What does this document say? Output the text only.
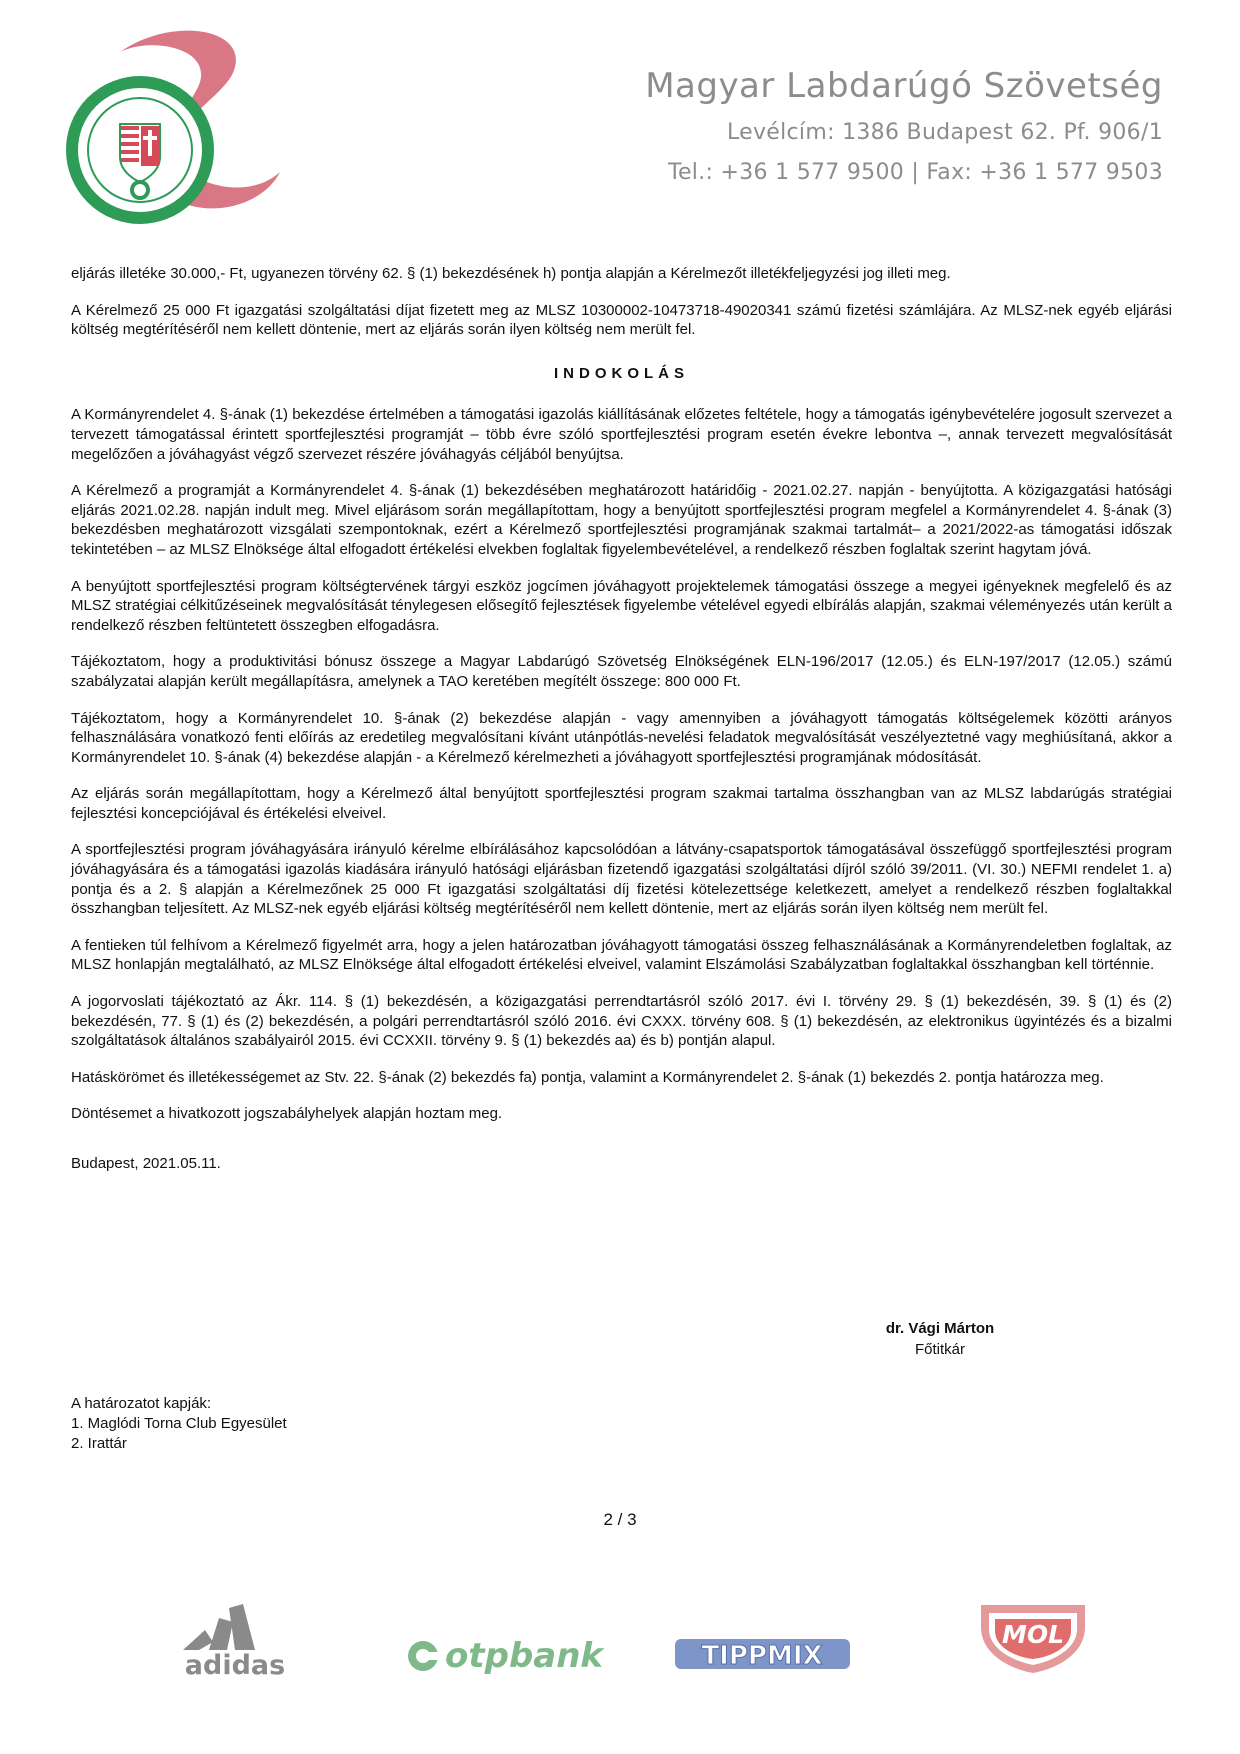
Magyar Labdarúgó Szövetség
Levélcím: 1386 Budapest 62. Pf. 906/1
Tel.: +36 1 577 9500 | Fax: +36 1 577 9503

eljárás illetéke 30.000,- Ft, ugyanezen törvény 62. § (1) bekezdésének h) pontja alapján a Kérelmezőt illetékfeljegyzési jog illeti meg.

A Kérelmező 25 000 Ft igazgatási szolgáltatási díjat fizetett meg az MLSZ 10300002-10473718-49020341 számú fizetési számlájára. Az MLSZ-nek egyéb eljárási költség megtérítéséről nem kellett döntenie, mert az eljárás során ilyen költség nem merült fel.

INDOKOLÁS

A Kormányrendelet 4. §-ának (1) bekezdése értelmében a támogatási igazolás kiállításának előzetes feltétele, hogy a támogatás igénybevételére jogosult szervezet a tervezett támogatással érintett sportfejlesztési programját – több évre szóló sportfejlesztési program esetén évekre lebontva –, annak tervezett megvalósítását megelőzően a jóváhagyást végző szervezet részére jóváhagyás céljából benyújtsa.

A Kérelmező a programját a Kormányrendelet 4. §-ának (1) bekezdésében meghatározott határidőig - 2021.02.27. napján - benyújtotta. A közigazgatási hatósági eljárás 2021.02.28. napján indult meg. Mivel eljárásom során megállapítottam, hogy a benyújtott sportfejlesztési program megfelel a Kormányrendelet 4. §-ának (3) bekezdésben meghatározott vizsgálati szempontoknak, ezért a Kérelmező sportfejlesztési programjának szakmai tartalmát– a 2021/2022-as támogatási időszak tekintetében – az MLSZ Elnöksége által elfogadott értékelési elvekben foglaltak figyelembevételével, a rendelkező részben foglaltak szerint hagytam jóvá.

A benyújtott sportfejlesztési program költségtervének tárgyi eszköz jogcímen jóváhagyott projektelemek támogatási összege a megyei igényeknek megfelelő és az MLSZ stratégiai célkitűzéseinek megvalósítását ténylegesen elősegítő fejlesztések figyelembe vételével egyedi elbírálás alapján, szakmai véleményezés után került a rendelkező részben feltüntetett összegben elfogadásra.

Tájékoztatom, hogy a produktivitási bónusz összege a Magyar Labdarúgó Szövetség Elnökségének ELN-196/2017 (12.05.) és ELN-197/2017 (12.05.) számú szabályzatai alapján került megállapításra, amelynek a TAO keretében megítélt összege: 800 000 Ft.

Tájékoztatom, hogy a Kormányrendelet 10. §-ának (2) bekezdése alapján - vagy amennyiben a jóváhagyott támogatás költségelemek közötti arányos felhasználására vonatkozó fenti előírás az eredetileg megvalósítani kívánt utánpótlás-nevelési feladatok megvalósítását veszélyeztetné vagy meghiúsítaná, akkor a Kormányrendelet 10. §-ának (4) bekezdése alapján - a Kérelmező kérelmezheti a jóváhagyott sportfejlesztési programjának módosítását.

Az eljárás során megállapítottam, hogy a Kérelmező által benyújtott sportfejlesztési program szakmai tartalma összhangban van az MLSZ labdarúgás stratégiai fejlesztési koncepciójával és értékelési elveivel.

A sportfejlesztési program jóváhagyására irányuló kérelme elbírálásához kapcsolódóan a látvány-csapatsportok támogatásával összefüggő sportfejlesztési program jóváhagyására és a támogatási igazolás kiadására irányuló hatósági eljárásban fizetendő igazgatási szolgáltatási díjról szóló 39/2011. (VI. 30.) NEFMI rendelet 1. a) pontja és a 2. § alapján a Kérelmezőnek 25 000 Ft igazgatási szolgáltatási díj fizetési kötelezettsége keletkezett, amelyet a rendelkező részben foglaltakkal összhangban teljesített. Az MLSZ-nek egyéb eljárási költség megtérítéséről nem kellett döntenie, mert az eljárás során ilyen költség nem merült fel.

A fentieken túl felhívom a Kérelmező figyelmét arra, hogy a jelen határozatban jóváhagyott támogatási összeg felhasználásának a Kormányrendeletben foglaltak, az MLSZ honlapján megtalálható, az MLSZ Elnöksége által elfogadott értékelési elveivel, valamint Elszámolási Szabályzatban foglaltakkal összhangban kell történnie.

A jogorvoslati tájékoztató az Ákr. 114. § (1) bekezdésén, a közigazgatási perrendtartásról szóló 2017. évi I. törvény 29. § (1) bekezdésén, 39. § (1) és (2) bekezdésén, 77. § (1) és (2) bekezdésén, a polgári perrendtartásról szóló 2016. évi CXXX. törvény 608. § (1) bekezdésén, az elektronikus ügyintézés és a bizalmi szolgáltatások általános szabályairól 2015. évi CCXXII. törvény 9. § (1) bekezdés aa) és b) pontján alapul.

Hatáskörömet és illetékességemet az Stv. 22. §-ának (2) bekezdés fa) pontja, valamint a Kormányrendelet 2. §-ának (1) bekezdés 2. pontja határozza meg.

Döntésemet a hivatkozott jogszabályhelyek alapján hoztam meg.

Budapest, 2021.05.11.

dr. Vági Márton
Főtitkár
A határozatot kapják:
1. Maglódi Torna Club Egyesület
2. Irattár
2 / 3
adidas	otpbank	TIPPMIX
MOL
